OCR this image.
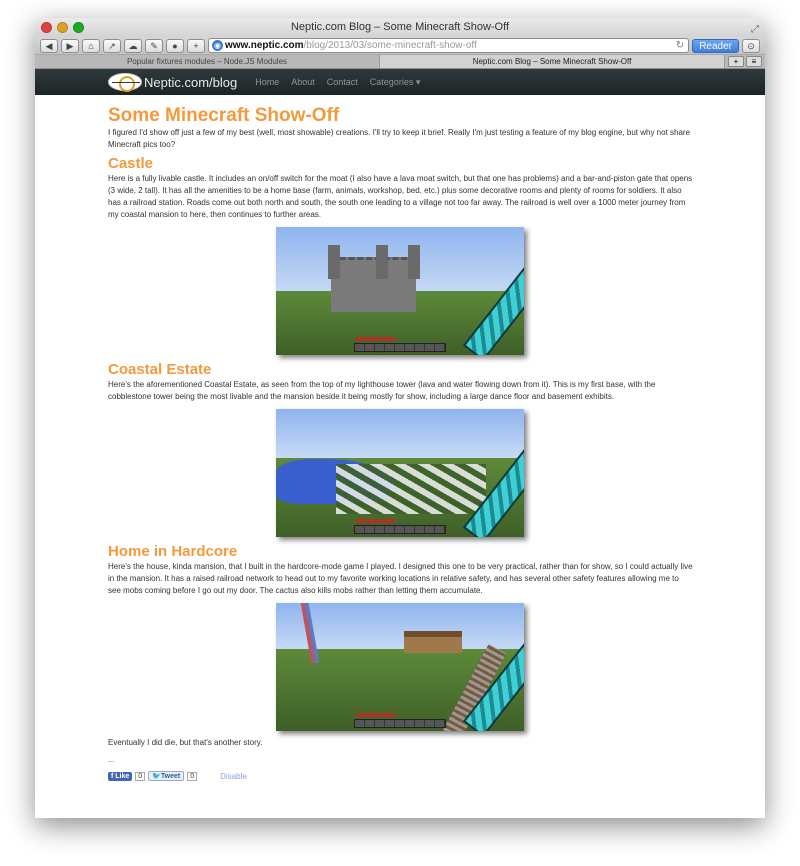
Neptic.com Blog – Some Minecraft Show-Off	⤢
◀	▶	⌂	↗	☁	✎	●	+	◉ www.neptic.com/blog/2013/03/some-minecraft-show-off	↻	Reader	⊙
Popular fixtures modules – Node.JS Modules	Neptic.com Blog – Some Minecraft Show-Off	+	≡
Neptic.com/blog Home About Contact Categories ▾
Some Minecraft Show-Off

I figured I'd show off just a few of my best (well, most showable) creations. I'll try to keep it brief. Really I'm just testing a feature of my blog engine, but why not share Minecraft pics too?

Castle

Here is a fully livable castle. It includes an on/off switch for the moat (I also have a lava moat switch, but that one has problems) and a bar-and-piston gate that opens (3 wide, 2 tall). It has all the amenities to be a home base (farm, animals, workshop, bed, etc.) plus some decorative rooms and plenty of rooms for soldiers. It also has a railroad station. Roads come out both north and south, the south one leading to a village not too far away. The railroad is well over a 1000 meter journey from my coastal mansion to here, then continues to further areas.

Coastal Estate

Here's the aforementioned Coastal Estate, as seen from the top of my lighthouse tower (lava and water flowing down from it). This is my first base, with the cobblestone tower being the most livable and the mansion beside it being mostly for show, including a large dance floor and basement exhibits.

Home in Hardcore

Here's the house, kinda mansion, that I built in the hardcore-mode game I played. I designed this one to be very practical, rather than for show, so I could actually live in the mansion. It has a raised railroad network to head out to my favorite working locations in relative safety, and has several other safety features allowing me to see mobs coming before I go out my door. The cactus also kills mobs rather than letting them accumulate.

Eventually I did die, but that's another story.

---
f Like	0	🐦Tweet	0	Disable
